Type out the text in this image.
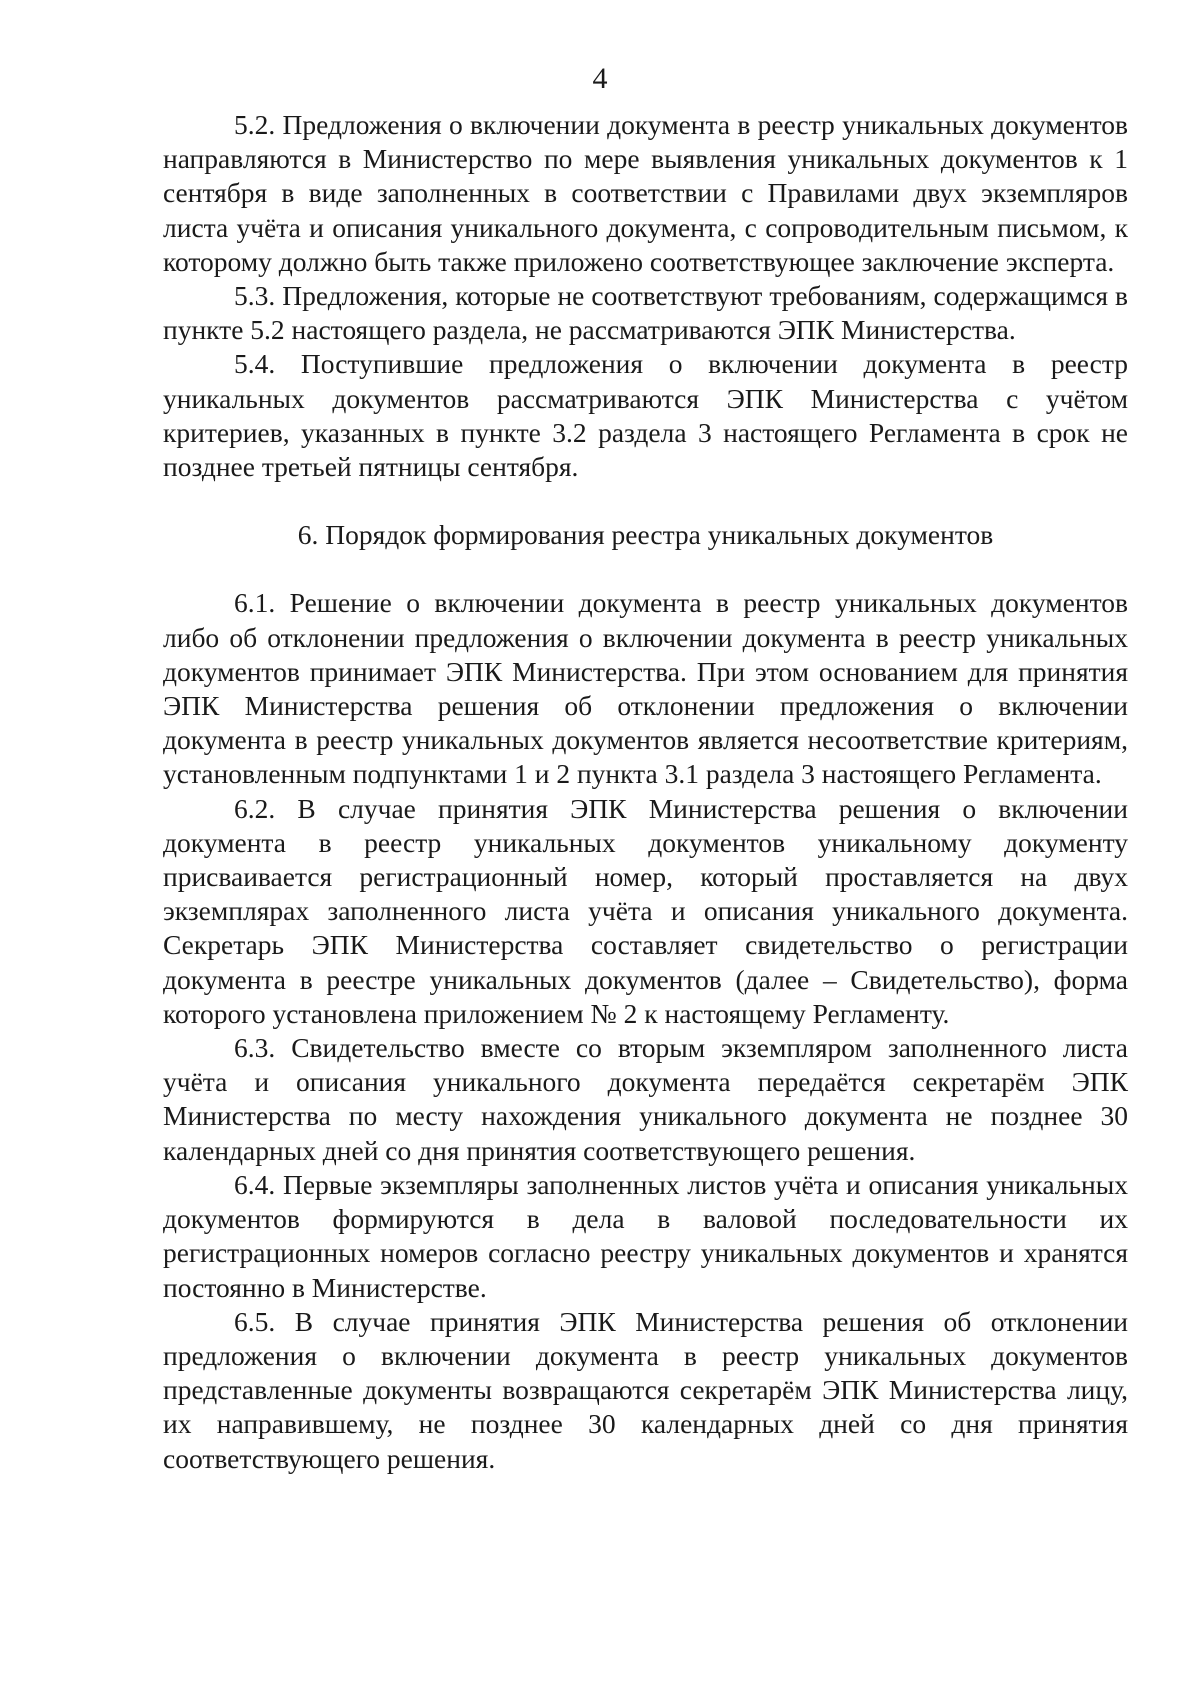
4

5.2. Предложения о включении документа в реестр уникальных документов направляются в Министерство по мере выявления уникальных документов к 1 сентября в виде заполненных в соответствии с Правилами двух экземпляров листа учёта и описания уникального документа, с сопроводительным письмом, к которому должно быть также приложено соответствующее заключение эксперта.

5.3. Предложения, которые не соответствуют требованиям, содержащимся в пункте 5.2 настоящего раздела, не рассматриваются ЭПК Министерства.

5.4. Поступившие предложения о включении документа в реестр уникальных документов рассматриваются ЭПК Министерства с учётом критериев, указанных в пункте 3.2 раздела 3 настоящего Регламента в срок не позднее третьей пятницы сентября.

6. Порядок формирования реестра уникальных документов

6.1. Решение о включении документа в реестр уникальных документов либо об отклонении предложения о включении документа в реестр уникальных документов принимает ЭПК Министерства. При этом основанием для принятия ЭПК Министерства решения об отклонении предложения о включении документа в реестр уникальных документов является несоответствие критериям, установленным подпунктами 1 и 2 пункта 3.1 раздела 3 настоящего Регламента.

6.2. В случае принятия ЭПК Министерства решения о включении документа в реестр уникальных документов уникальному документу присваивается регистрационный номер, который проставляется на двух экземплярах заполненного листа учёта и описания уникального документа. Секретарь ЭПК Министерства составляет свидетельство о регистрации документа в реестре уникальных документов (далее – Свидетельство), форма которого установлена приложением № 2 к настоящему Регламенту.

6.3. Свидетельство вместе со вторым экземпляром заполненного листа учёта и описания уникального документа передаётся секретарём ЭПК Министерства по месту нахождения уникального документа не позднее 30 календарных дней со дня принятия соответствующего решения.

6.4. Первые экземпляры заполненных листов учёта и описания уникальных документов формируются в дела в валовой последовательности их регистрационных номеров согласно реестру уникальных документов и хранятся постоянно в Министерстве.

6.5. В случае принятия ЭПК Министерства решения об отклонении предложения о включении документа в реестр уникальных документов представленные документы возвращаются секретарём ЭПК Министерства лицу, их направившему, не позднее 30 календарных дней со дня принятия соответствующего решения.
